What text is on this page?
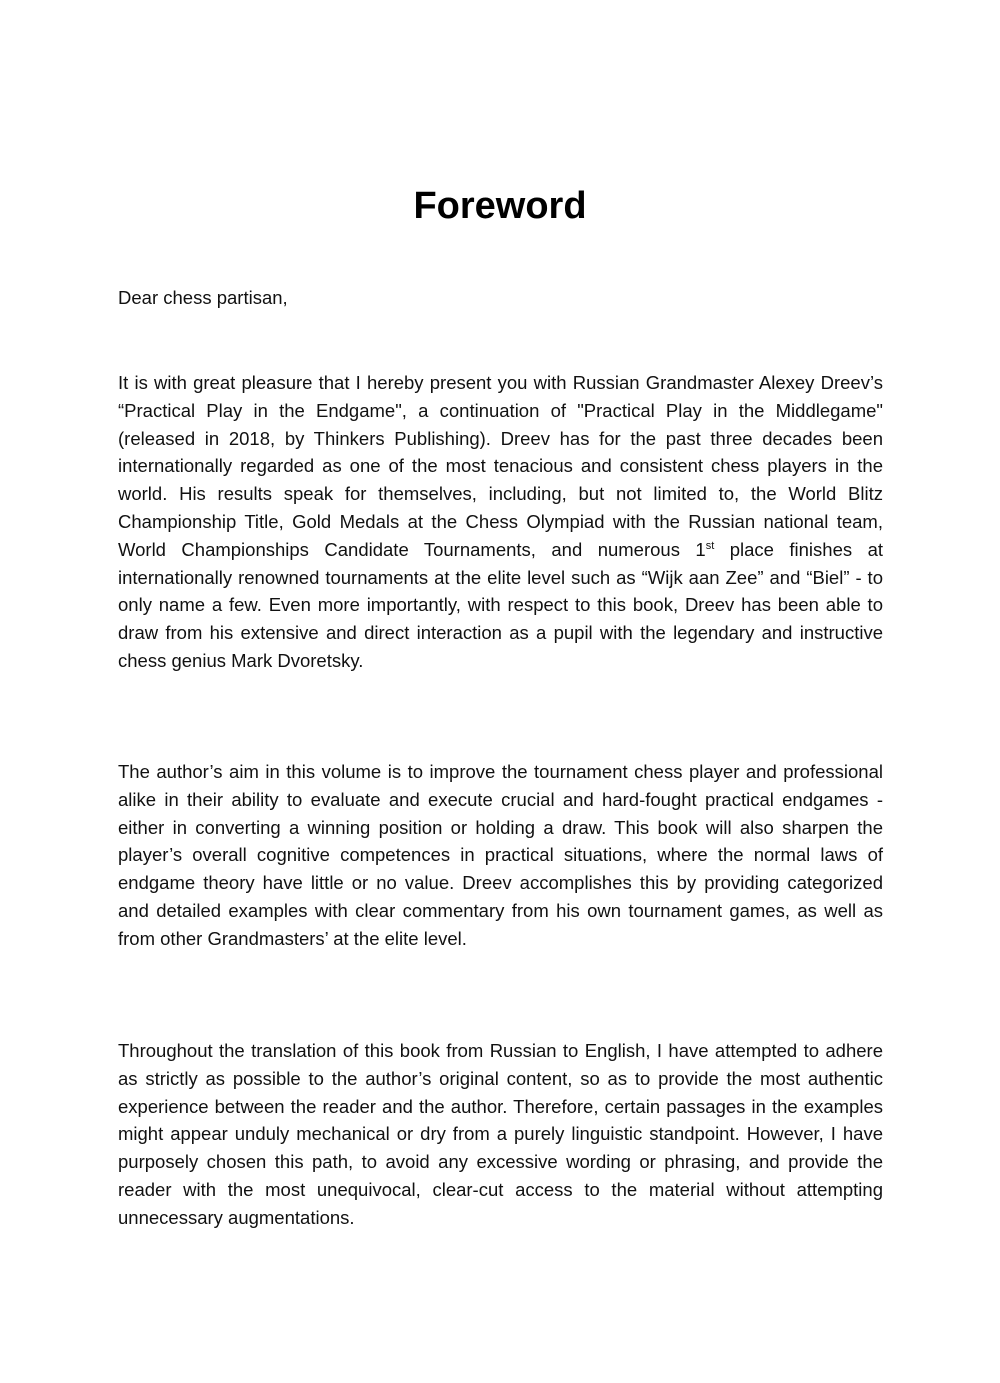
Foreword

Dear chess partisan,

It is with great pleasure that I hereby present you with Russian Grandmaster Alexey Dreev’s “Practical Play in the Endgame", a continuation of "Practical Play in the Middlegame" (released in 2018, by Thinkers Publishing). Dreev has for the past three decades been internationally regarded as one of the most tenacious and consistent chess players in the world. His results speak for themselves, including, but not limited to, the World Blitz Championship Title, Gold Medals at the Chess Olympiad with the Russian national team, World Championships Candidate Tournaments, and numerous 1st place finishes at internationally renowned tournaments at the elite level such as “Wijk aan Zee” and “Biel” - to only name a few. Even more importantly, with respect to this book, Dreev has been able to draw from his extensive and direct interaction as a pupil with the legendary and instructive chess genius Mark Dvoretsky.

The author’s aim in this volume is to improve the tournament chess player and professional alike in their ability to evaluate and execute crucial and hard-fought practical endgames - either in converting a winning position or holding a draw. This book will also sharpen the player’s overall cognitive competences in practical situations, where the normal laws of endgame theory have little or no value. Dreev accomplishes this by providing categorized and detailed examples with clear commentary from his own tournament games, as well as from other Grandmasters’ at the elite level.

Throughout the translation of this book from Russian to English, I have attempted to adhere as strictly as possible to the author’s original content, so as to provide the most authentic experience between the reader and the author. Therefore, certain passages in the examples might appear unduly mechanical or dry from a purely linguistic standpoint. However, I have purposely chosen this path, to avoid any excessive wording or phrasing, and provide the reader with the most unequivocal, clear-cut access to the material without attempting unnecessary augmentations.
